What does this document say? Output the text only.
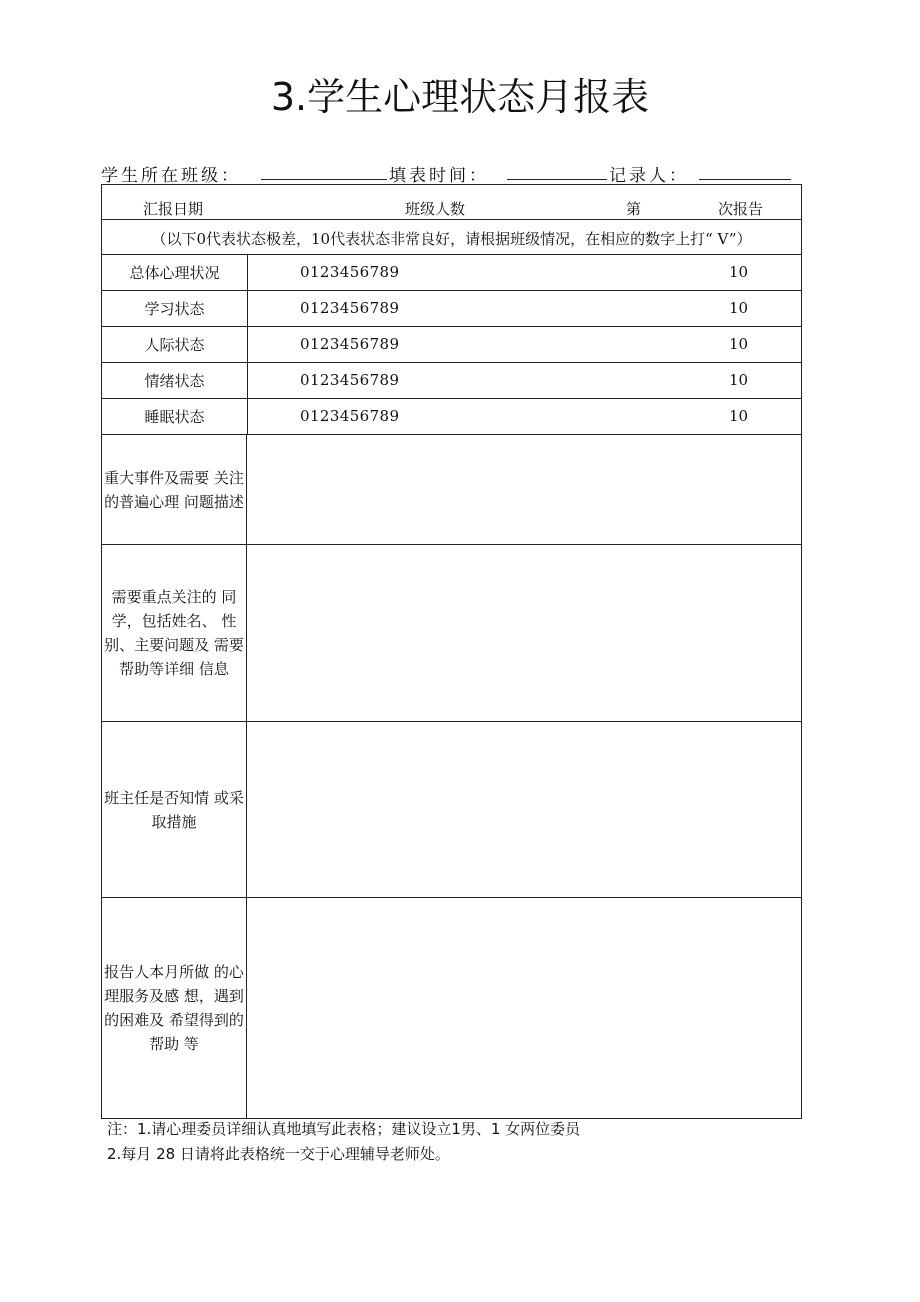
3.学生心理状态月报表
学生所在班级：	填表时间：	记录人：
汇报日期	班级人数	第	次报告
（以下0代表状态极差，10代表状态非常良好，请根据班级情况，在相应的数字上打“ V”）
总体心理状况	0123456789	10
学习状态	0123456789	10
人际状态	0123456789	10
情绪状态	0123456789	10
睡眠状态	0123456789	10
重大事件及需要 关注的普遍心理 问题描述
需要重点关注的 同学，包括姓名、 性别、主要问题及 需要帮助等详细 信息
班主任是否知情 或采取措施
报告人本月所做 的心理服务及感 想，遇到的困难及 希望得到的帮助 等
注：1.请心理委员详细认真地填写此表格；建议设立1男、1 女两位委员
2.每月 28 日请将此表格统一交于心理辅导老师处。
